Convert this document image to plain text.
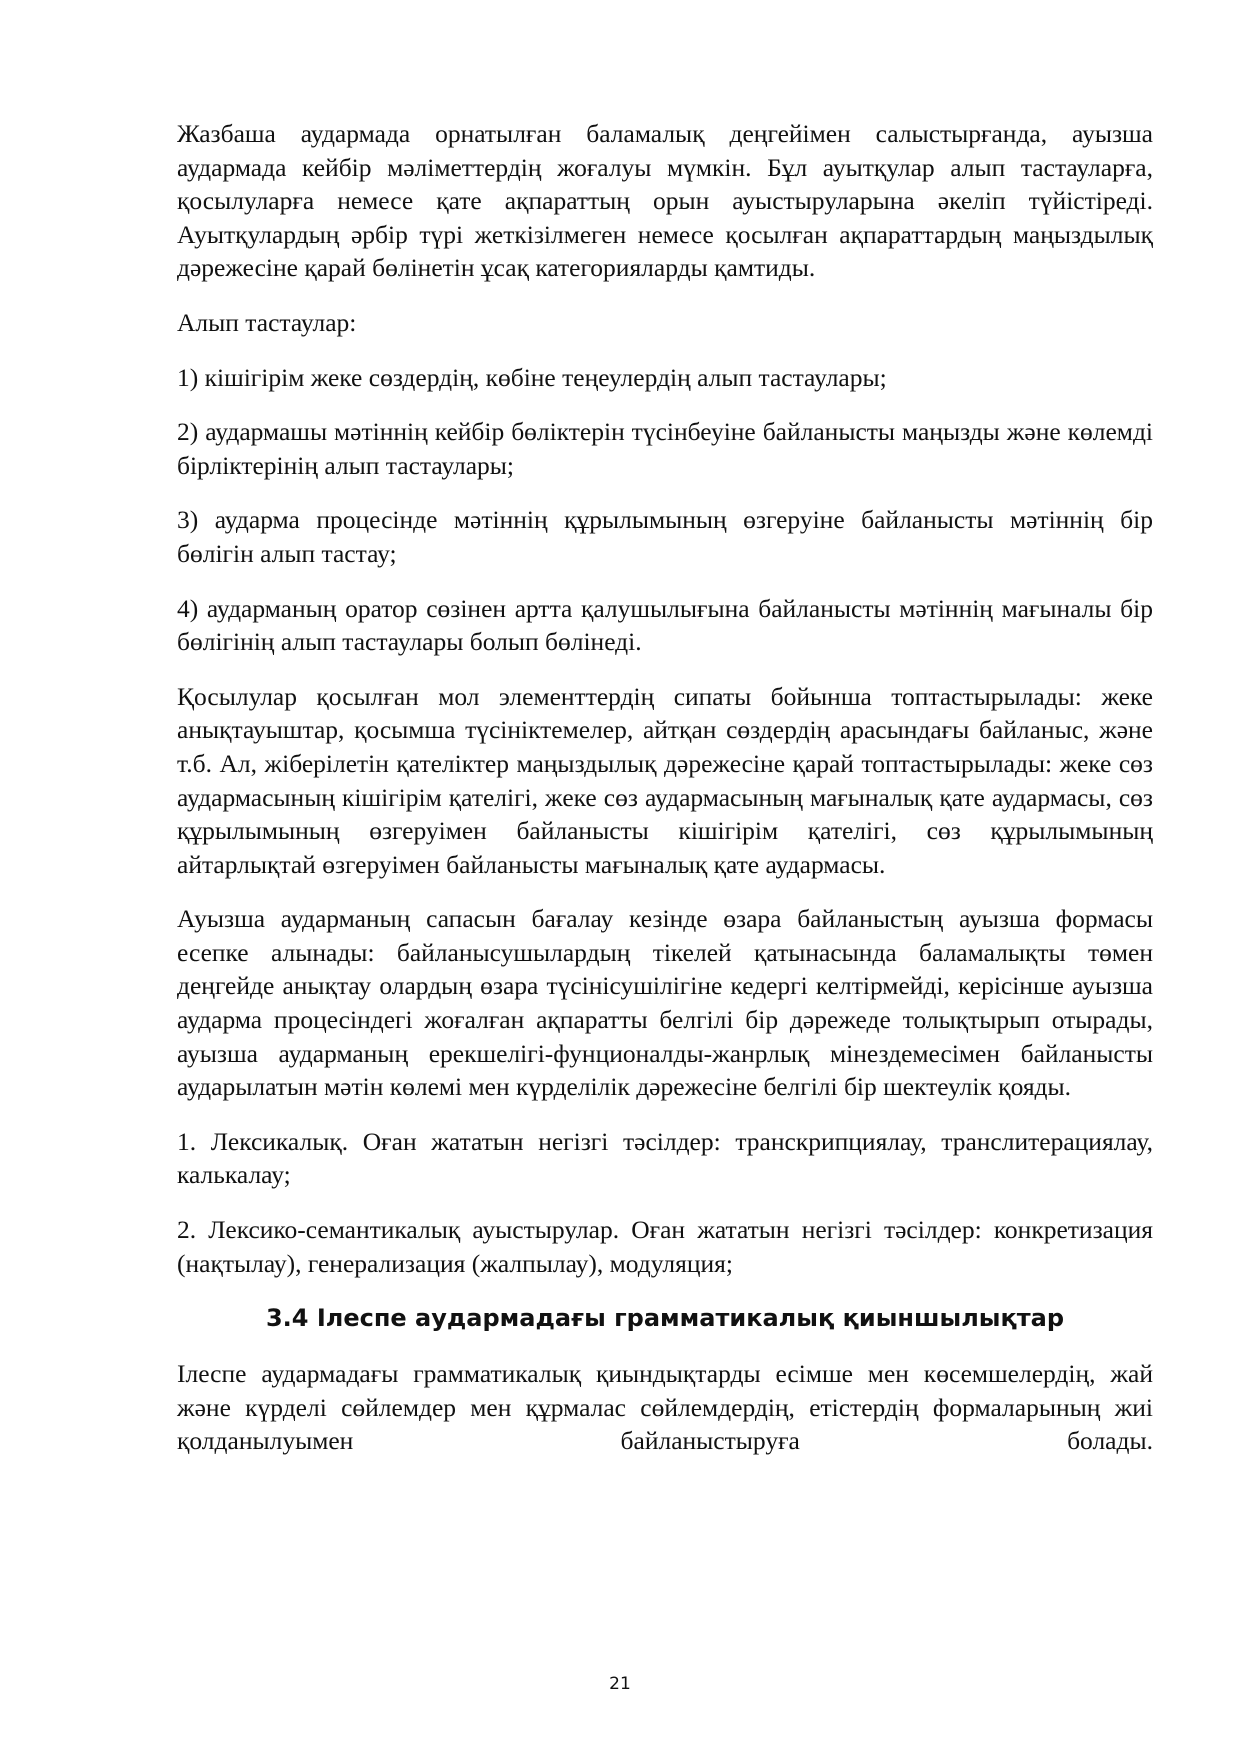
Жазбаша аудармада орнатылған баламалық деңгейімен салыстырғанда, ауызша аудармада кейбір мәліметтердің жоғалуы мүмкін. Бұл ауытқулар алып тастауларға, қосылуларға немесе қате ақпараттың орын ауыстыруларына әкеліп түйістіреді. Ауытқулардың әрбір түрі жеткізілмеген немесе қосылған ақпараттардың маңыздылық дәрежесіне қарай бөлінетін ұсақ категорияларды қамтиды.

Алып тастаулар:

1) кішігірім жеке сөздердің, көбіне теңеулердің алып тастаулары;

2) аудармашы мәтіннің кейбір бөліктерін түсінбеуіне байланысты маңызды және көлемді бірліктерінің алып тастаулары;

3) аударма процесінде мәтіннің құрылымының өзгеруіне байланысты мәтіннің бір бөлігін алып тастау;

4) аударманың оратор сөзінен артта қалушылығына байланысты мәтіннің мағыналы бір бөлігінің алып тастаулары болып бөлінеді.

Қосылулар қосылған мол элементтердің сипаты бойынша топтастырылады: жеке анықтауыштар, қосымша түсініктемелер, айтқан сөздердің арасындағы байланыс, және т.б. Ал, жіберілетін қателіктер маңыздылық дәрежесіне қарай топтастырылады: жеке сөз аудармасының кішігірім қателігі, жеке сөз аудармасының мағыналық қате аудармасы, сөз құрылымының өзгеруімен байланысты кішігірім қателігі, сөз құрылымының айтарлықтай өзгеруімен байланысты мағыналық қате аудармасы.

Ауызша аударманың сапасын бағалау кезінде өзара байланыстың ауызша формасы есепке алынады: байланысушылардың тікелей қатынасында баламалықты төмен деңгейде анықтау олардың өзара түсінісушілігіне кедергі келтірмейді, керісінше ауызша аударма процесіндегі жоғалған ақпаратты белгілі бір дәрежеде толықтырып отырады, ауызша аударманың ерекшелігі-фунционалды-жанрлық мінездемесімен байланысты аударылатын мәтін көлемі мен күрделілік дәрежесіне белгілі бір шектеулік қояды.

1. Лексикалық. Оған жататын негізгі тәсілдер: транскрипциялау, транслитерациялау, калькалау;

2. Лексико-семантикалық ауыстырулар. Оған жататын негізгі тәсілдер: конкретизация (нақтылау), генерализация (жалпылау), модуляция;

3.4 Ілеспе аудармадағы грамматикалық қиыншылықтар

Ілеспе аудармадағы грамматикалық қиындықтарды есімше мен көсемшелердің, жай және күрделі сөйлемдер мен құрмалас сөйлемдердің, етістердің формаларының жиі қолданылуымен байланыстыруға болады.

21
